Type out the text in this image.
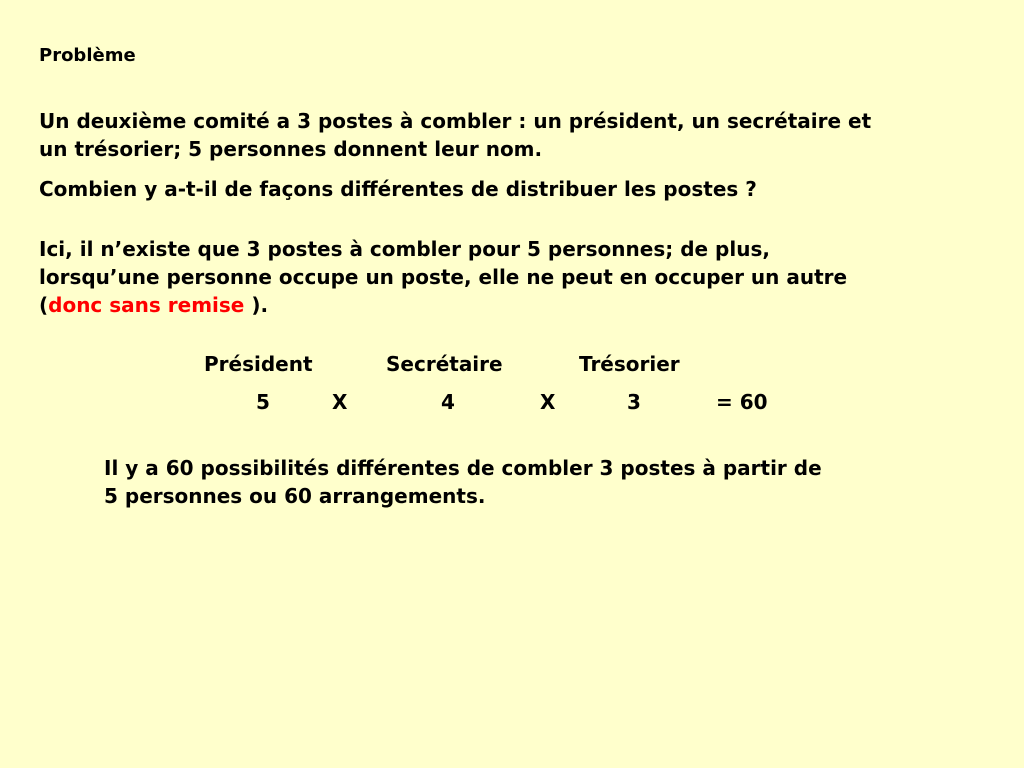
Problème
Un deuxième comité a 3 postes à combler : un président, un secrétaire et
un trésorier; 5 personnes donnent leur nom.
Combien y a-t-il de façons différentes de distribuer les postes ?
Ici, il n’existe que 3 postes à combler pour 5 personnes; de plus,
lorsqu’une personne occupe un poste, elle ne peut en occuper un autre
(donc sans remise ).
Président	Secrétaire	Trésorier
5	X	4	X	3	= 60
Il y a 60 possibilités différentes de combler 3 postes à partir de
5 personnes ou 60 arrangements.
